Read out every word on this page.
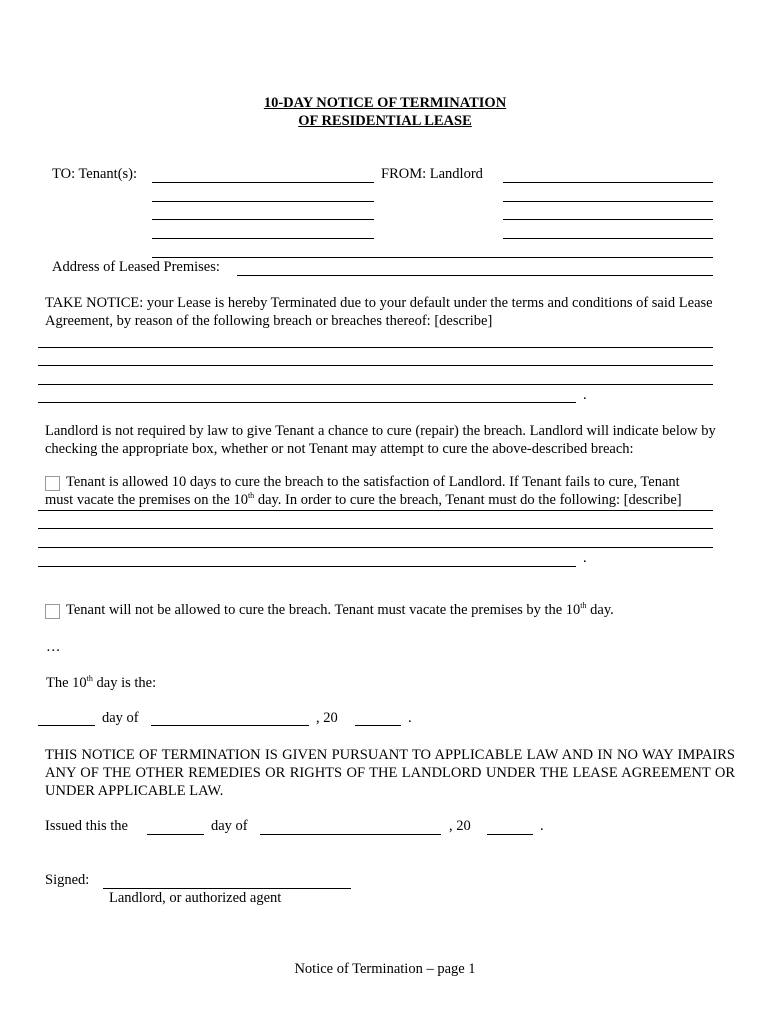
10-DAY NOTICE OF TERMINATION
OF RESIDENTIAL LEASE
TO: Tenant(s):	FROM: Landlord
Address of Leased Premises:
TAKE NOTICE: your Lease is hereby Terminated due to your default under the terms and conditions of said Lease Agreement, by reason of the following breach or breaches thereof: [describe]
.
Landlord is not required by law to give Tenant a chance to cure (repair) the breach. Landlord will indicate below by checking the appropriate box, whether or not Tenant may attempt to cure the above-described breach:
Tenant is allowed 10 days to cure the breach to the satisfaction of Landlord. If Tenant fails to cure, Tenant
must vacate the premises on the 10th day. In order to cure the breach, Tenant must do the following: [describe]
.
Tenant will not be allowed to cure the breach. Tenant must vacate the premises by the 10th day.
…
The 10th day is the:
day of	, 20	.
THIS NOTICE OF TERMINATION IS GIVEN PURSUANT TO APPLICABLE LAW AND IN NO WAY IMPAIRS ANY OF THE OTHER REMEDIES OR RIGHTS OF THE LANDLORD UNDER THE LEASE AGREEMENT OR UNDER APPLICABLE LAW.
Issued this the	day of	, 20	.
Signed:
Landlord, or authorized agent
Notice of Termination – page 1
